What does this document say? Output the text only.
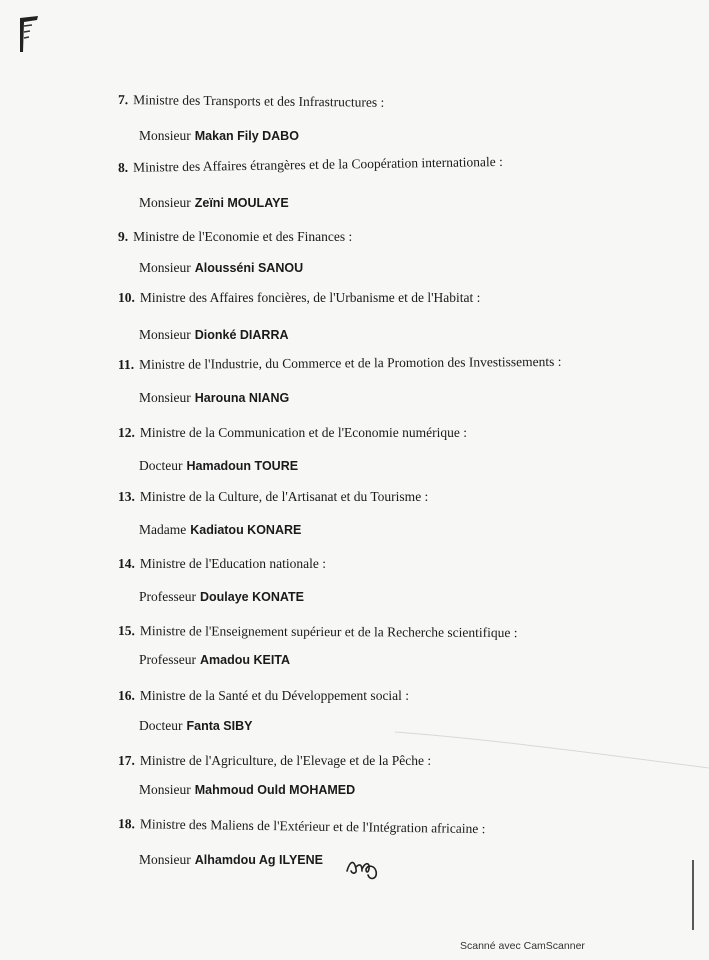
7. Ministre des Transports et des Infrastructures :
Monsieur Makan Fily DABO
8. Ministre des Affaires étrangères et de la Coopération internationale :
Monsieur Zeïni MOULAYE
9. Ministre de l'Economie et des Finances :
Monsieur Alousséni SANOU
10. Ministre des Affaires foncières, de l'Urbanisme et de l'Habitat :
Monsieur Dionké DIARRA
11. Ministre de l'Industrie, du Commerce et de la Promotion des Investissements :
Monsieur Harouna NIANG
12. Ministre de la Communication et de l'Economie numérique :
Docteur Hamadoun TOURE
13. Ministre de la Culture, de l'Artisanat et du Tourisme :
Madame Kadiatou KONARE
14. Ministre de l'Education nationale :
Professeur Doulaye KONATE
15. Ministre de l'Enseignement supérieur et de la Recherche scientifique :
Professeur Amadou KEITA
16. Ministre de la Santé et du Développement social :
Docteur Fanta SIBY
17. Ministre de l'Agriculture, de l'Elevage et de la Pêche :
Monsieur Mahmoud Ould MOHAMED
18. Ministre des Maliens de l'Extérieur et de l'Intégration africaine :
Monsieur Alhamdou Ag ILYENE
Scanné avec CamScanner
